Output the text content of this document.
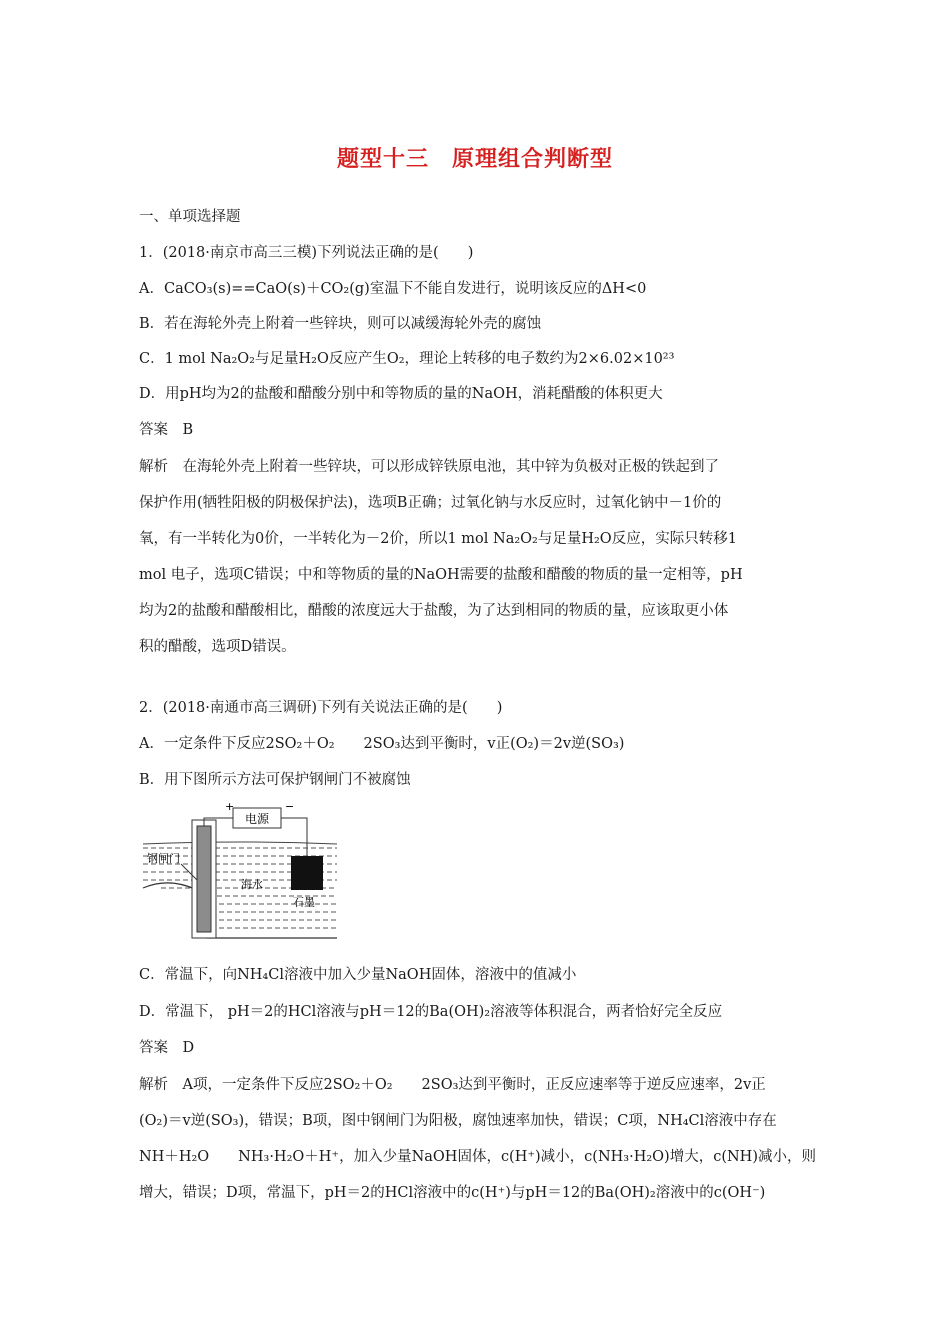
题型十三　原理组合判断型
一、单项选择题
1．(2018·南京市高三三模)下列说法正确的是(　　)
A．CaCO₃(s)==CaO(s)＋CO₂(g)室温下不能自发进行，说明该反应的ΔH<0
B．若在海轮外壳上附着一些锌块，则可以减缓海轮外壳的腐蚀
C．1 mol Na₂O₂与足量H₂O反应产生O₂，理论上转移的电子数约为2×6.02×10²³
D．用pH均为2的盐酸和醋酸分别中和等物质的量的NaOH，消耗醋酸的体积更大
答案　B
解析　在海轮外壳上附着一些锌块，可以形成锌铁原电池，其中锌为负极对正极的铁起到了
保护作用(牺牲阳极的阴极保护法)，选项B正确；过氧化钠与水反应时，过氧化钠中－1价的
氧，有一半转化为0价，一半转化为－2价，所以1 mol Na₂O₂与足量H₂O反应，实际只转移1
mol 电子，选项C错误；中和等物质的量的NaOH需要的盐酸和醋酸的物质的量一定相等，pH
均为2的盐酸和醋酸相比，醋酸的浓度远大于盐酸，为了达到相同的物质的量，应该取更小体
积的醋酸，选项D错误。
2．(2018·南通市高三调研)下列有关说法正确的是(　　)
A．一定条件下反应2SO₂＋O₂　　2SO₃达到平衡时，v正(O₂)＝2v逆(SO₃)
B．用下图所示方法可保护钢闸门不被腐蚀
电源
+	−
钢闸门
海水
石墨
C．常温下，向NH₄Cl溶液中加入少量NaOH固体，溶液中的值减小
D．常温下， pH＝2的HCl溶液与pH＝12的Ba(OH)₂溶液等体积混合，两者恰好完全反应
答案　D
解析　A项，一定条件下反应2SO₂＋O₂　　2SO₃达到平衡时，正反应速率等于逆反应速率，2v正
(O₂)＝v逆(SO₃)，错误；B项，图中钢闸门为阳极，腐蚀速率加快，错误；C项，NH₄Cl溶液中存在
NH＋H₂O　　NH₃·H₂O＋H⁺，加入少量NaOH固体，c(H⁺)减小，c(NH₃·H₂O)增大，c(NH)减小，则
增大，错误；D项，常温下，pH＝2的HCl溶液中的c(H⁺)与pH＝12的Ba(OH)₂溶液中的c(OH⁻)
